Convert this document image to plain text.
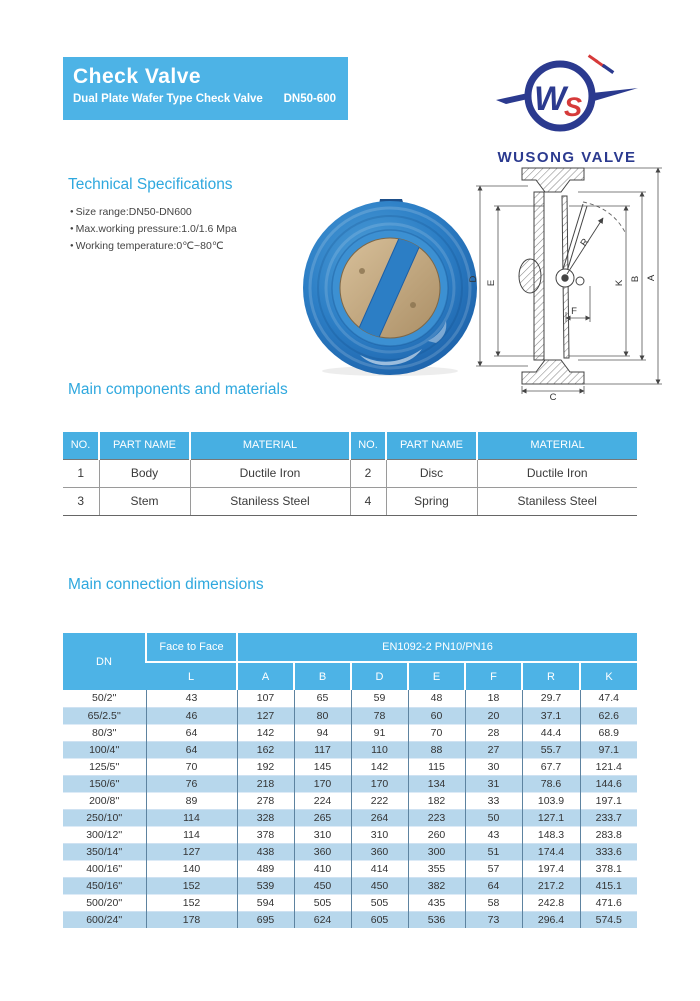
Check Valve
Dual Plate Wafer Type Check Valve DN50-600	W
S
WUSONG VALVE
Technical Specifications
● Size range:DN50-DN600
● Max.working pressure:1.0/1.6 Mpa
● Working temperature:0℃~80℃
D
E	K
B A
C
F
R
Main components and materials
NO.	PART NAME	MATERIAL	NO.	PART NAME	MATERIAL
1	Body	Ductile Iron	2	Disc	Ductile Iron
3	Stem	Staniless Steel	4	Spring	Staniless Steel
Main connection dimensions
DN	Face to Face	EN1092-2 PN10/PN16						
	L	A	B	D	E	F	R	K
50/2''	43	107	65	59	48	18	29.7	47.4
65/2.5''	46	127	80	78	60	20	37.1	62.6
80/3''	64	142	94	91	70	28	44.4	68.9
100/4''	64	162	117	110	88	27	55.7	97.1
125/5''	70	192	145	142	115	30	67.7	121.4
150/6''	76	218	170	170	134	31	78.6	144.6
200/8''	89	278	224	222	182	33	103.9	197.1
250/10''	114	328	265	264	223	50	127.1	233.7
300/12''	114	378	310	310	260	43	148.3	283.8
350/14''	127	438	360	360	300	51	174.4	333.6
400/16''	140	489	410	414	355	57	197.4	378.1
450/16''	152	539	450	450	382	64	217.2	415.1
500/20''	152	594	505	505	435	58	242.8	471.6
600/24''	178	695	624	605	536	73	296.4	574.5
